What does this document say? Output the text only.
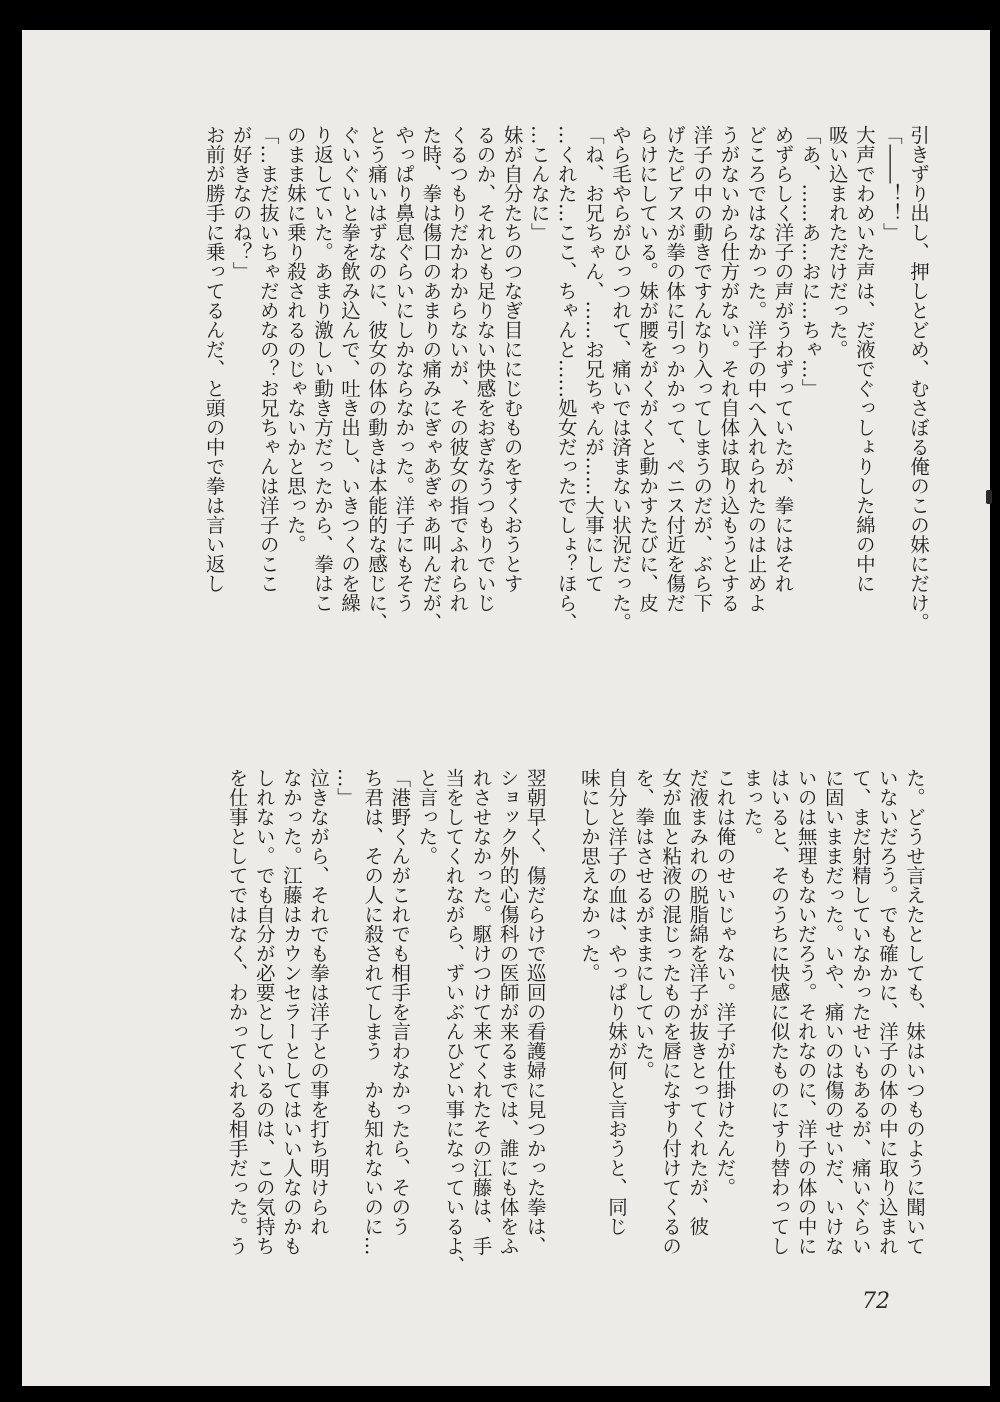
引きずり出し、押しとどめ、むさぼる俺のこの妹にだけ。
「――！！」
大声でわめいた声は、だ液でぐっしょりした綿の中に
吸い込まれただけだった。
「あ、……あ…おに…ちゃ…」
めずらしく洋子の声がうわずっていたが、拳にはそれ
どころではなかった。洋子の中へ入れられたのは止めよ
うがないから仕方がない。それ自体は取り込もうとする
洋子の中の動きですんなり入ってしまうのだが、ぶら下
げたピアスが拳の体に引っかかって、ペニス付近を傷だ
らけにしている。妹が腰をがくがくと動かすたびに、皮
やら毛やらがひっつれて、痛いでは済まない状況だった。
「ね、お兄ちゃん、……お兄ちゃんが……大事にして
…くれた…ここ、ちゃんと……処女だったでしょ？ほら、
…こんなに」
妹が自分たちのつなぎ目ににじむものをすくおうとす
るのか、それとも足りない快感をおぎなうつもりでいじ
くるつもりだかわからないが、その彼女の指でふれられ
た時、拳は傷口のあまりの痛みにぎゃあぎゃあ叫んだが、
やっぱり鼻息ぐらいにしかならなかった。洋子にもそう
とう痛いはずなのに、彼女の体の動きは本能的な感じに、
ぐいぐいと拳を飲み込んで、吐き出し、いきつくのを繰
り返していた。あまり激しい動き方だったから、拳はこ
のまま妹に乗り殺されるのじゃないかと思った。
「…まだ抜いちゃだめなの？お兄ちゃんは洋子のここ
が好きなのね？」
お前が勝手に乗ってるんだ、と頭の中で拳は言い返し
た。どうせ言えたとしても、妹はいつものように聞いて
いないだろう。でも確かに、洋子の体の中に取り込まれ
て、まだ射精していなかったせいもあるが、痛いぐらい
に固いままだった。いや、痛いのは傷のせいだ、いけな
いのは無理もないだろう。それなのに、洋子の体の中に
はいると、そのうちに快感に似たものにすり替わってし
まった。
これは俺のせいじゃない。洋子が仕掛けたんだ。
だ液まみれの脱脂綿を洋子が抜きとってくれたが、彼
女が血と粘液の混じったものを唇になすり付けてくるの
を、拳はさせるがままにしていた。
自分と洋子の血は、やっぱり妹が何と言おうと、同じ
味にしか思えなかった。
翌朝早く、傷だらけで巡回の看護婦に見つかった拳は、
ショック外的心傷科の医師が来るまでは、誰にも体をふ
れさせなかった。駆けつけて来てくれたその江藤は、手
当をしてくれながら、ずいぶんひどい事になっているよ、
と言った。
「港野くんがこれでも相手を言わなかったら、そのう
ち君は、その人に殺されてしまう　かも知れないのに…
…」
泣きながら、それでも拳は洋子との事を打ち明けられ
なかった。江藤はカウンセラーとしてはいい人なのかも
しれない。でも自分が必要としているのは、この気持ち
を仕事としてではなく、わかってくれる相手だった。う
72
